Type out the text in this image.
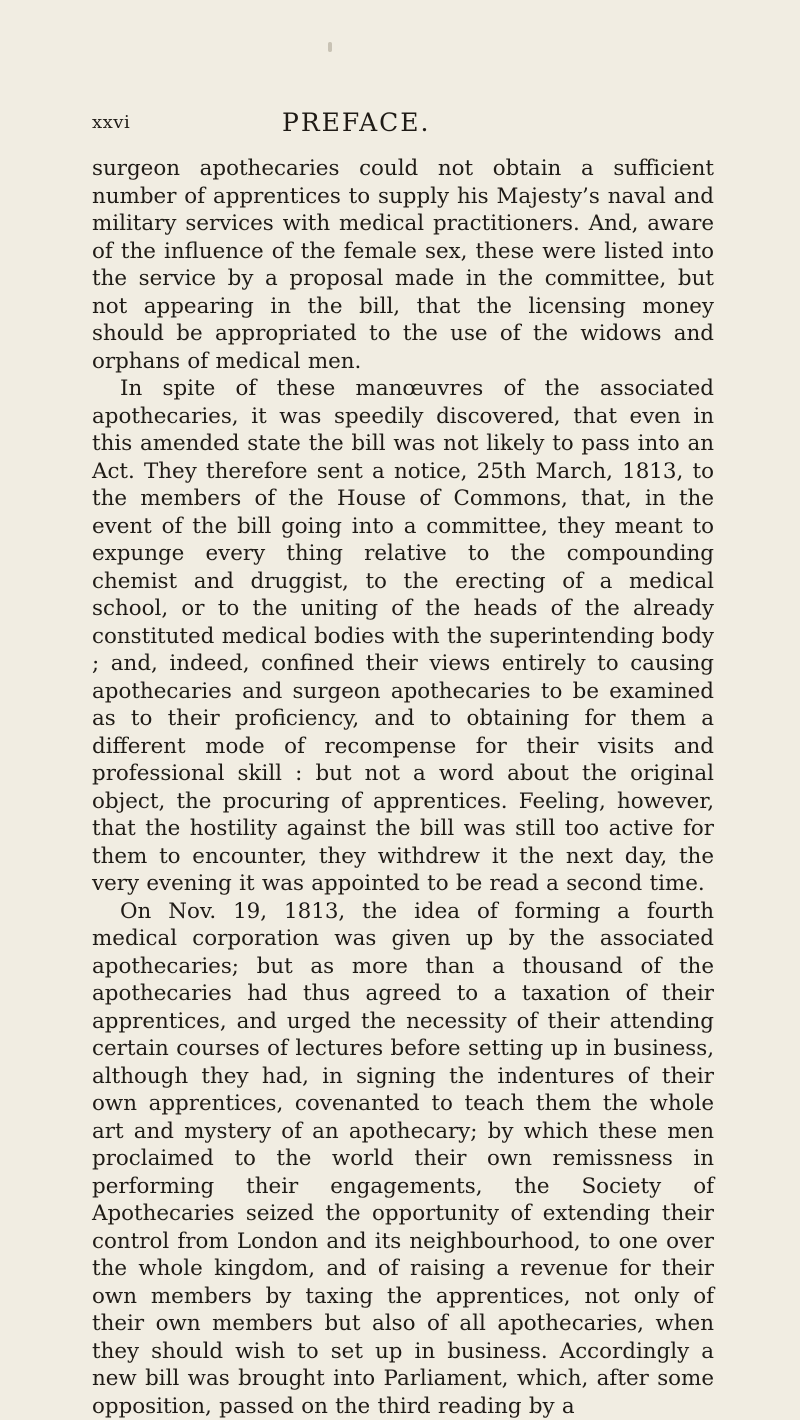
xxvi	PREFACE.

surgeon apothecaries could not obtain a sufficient number of apprentices to supply his Majesty’s naval and military services with medical practitioners. And, aware of the influence of the female sex, these were listed into the service by a proposal made in the committee, but not appearing in the bill, that the licensing money should be appropriated to the use of the widows and orphans of medical men.

In spite of these manœuvres of the associated apothecaries, it was speedily discovered, that even in this amended state the bill was not likely to pass into an Act. They therefore sent a notice, 25th March, 1813, to the members of the House of Commons, that, in the event of the bill going into a committee, they meant to expunge every thing relative to the compounding chemist and druggist, to the erecting of a medical school, or to the uniting of the heads of the already constituted medical bodies with the superintending body ; and, indeed, confined their views entirely to causing apothecaries and surgeon apothecaries to be examined as to their proficiency, and to obtaining for them a different mode of recompense for their visits and professional skill : but not a word about the original object, the procuring of apprentices. Feeling, however, that the hostility against the bill was still too active for them to encounter, they withdrew it the next day, the very evening it was appointed to be read a second time.

On Nov. 19, 1813, the idea of forming a fourth medical corporation was given up by the associated apothecaries; but as more than a thousand of the apothecaries had thus agreed to a taxation of their apprentices, and urged the necessity of their attending certain courses of lectures before setting up in business, although they had, in signing the indentures of their own apprentices, covenanted to teach them the whole art and mystery of an apothecary; by which these men proclaimed to the world their own remissness in performing their engagements, the Society of Apothecaries seized the opportunity of extending their control from London and its neighbourhood, to one over the whole kingdom, and of raising a revenue for their own members by taxing the apprentices, not only of their own members but also of all apothecaries, when they should wish to set up in business. Accordingly a new bill was brought into Parliament, which, after some opposition, passed on the third reading by a
